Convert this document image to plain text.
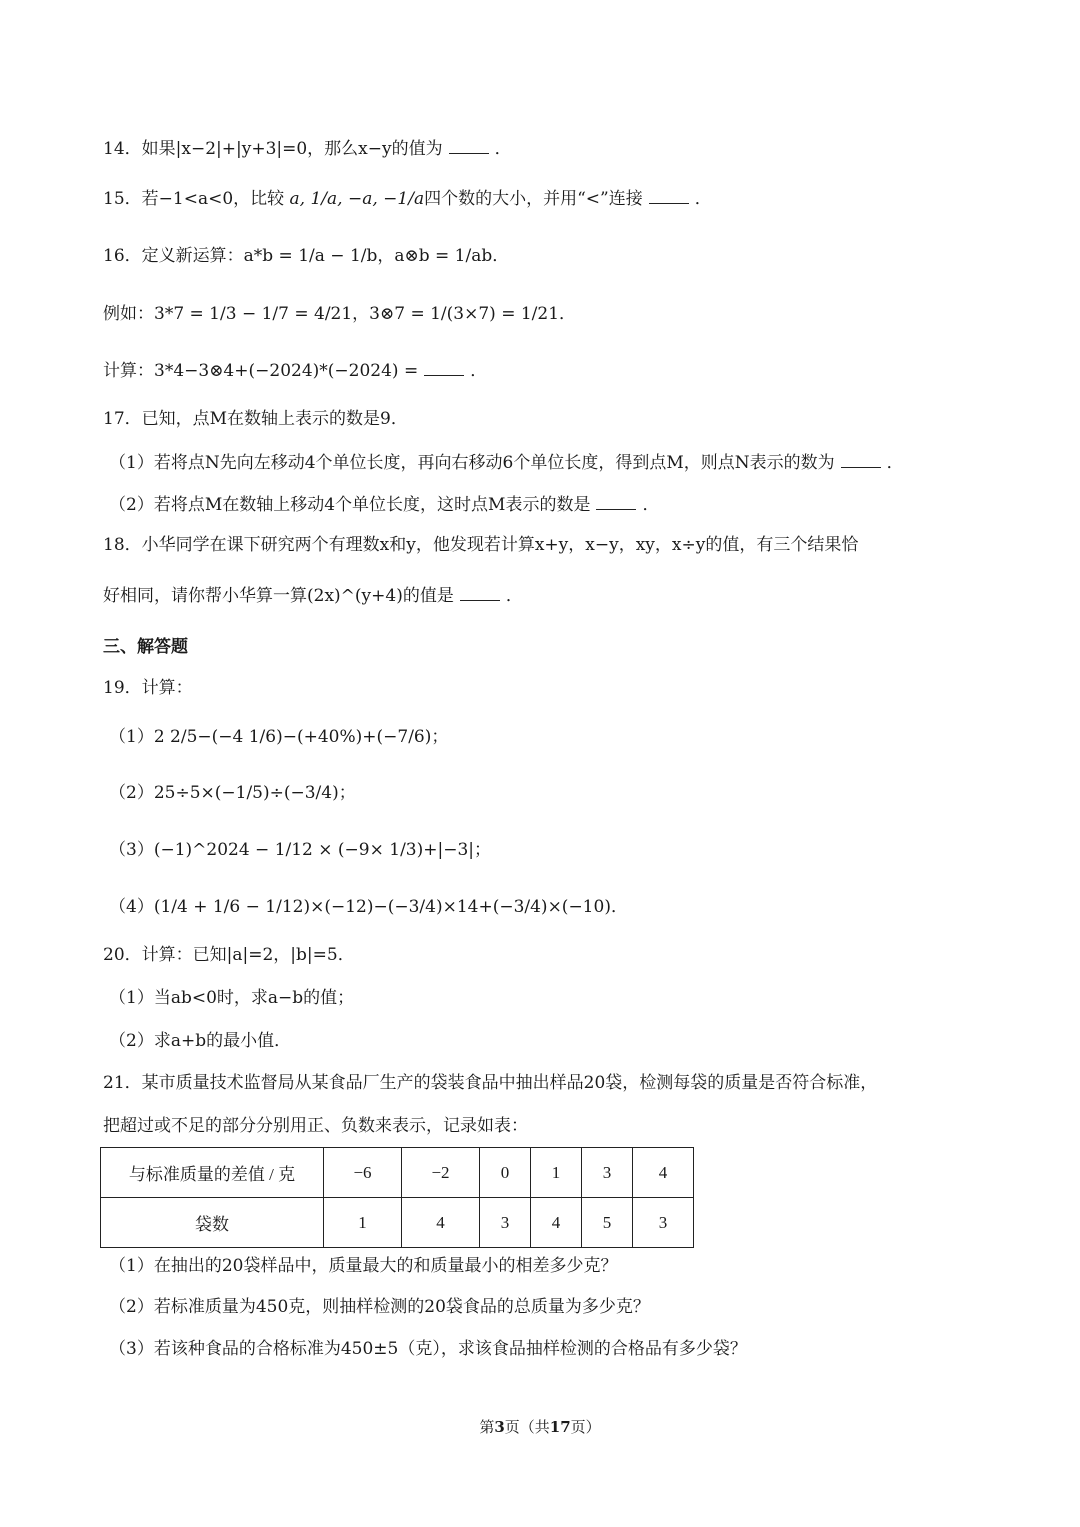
14．如果|x−2|+|y+3|=0，那么x−y的值为	．
15．若−1<a<0，比较 a, 1/a, −a, −1/a四个数的大小，并用“<”连接	．
16．定义新运算：a*b = 1/a − 1/b，a⊗b = 1/ab．
例如：3*7 = 1/3 − 1/7 = 4/21，3⊗7 = 1/(3×7) = 1/21．
计算：3*4−3⊗4+(−2024)*(−2024) =	．
17．已知，点M在数轴上表示的数是9．
（1）若将点N先向左移动4个单位长度，再向右移动6个单位长度，得到点M，则点N表示的数为	．
（2）若将点M在数轴上移动4个单位长度，这时点M表示的数是	．
18．小华同学在课下研究两个有理数x和y，他发现若计算x+y，x−y，xy，x÷y的值，有三个结果恰
好相同，请你帮小华算一算(2x)^(y+4)的值是	．
三、解答题
19．计算：
（1）2 2/5−(−4 1/6)−(+40%)+(−7/6)；
（2）25÷5×(−1/5)÷(−3/4)；
（3）(−1)^2024 − 1/12 × (−9× 1/3)+|−3|；
（4）(1/4 + 1/6 − 1/12)×(−12)−(−3/4)×14+(−3/4)×(−10)．
20．计算：已知|a|=2，|b|=5．
（1）当ab<0时，求a−b的值；
（2）求a+b的最小值．
21．某市质量技术监督局从某食品厂生产的袋装食品中抽出样品20袋，检测每袋的质量是否符合标准，
把超过或不足的部分分别用正、负数来表示，记录如表：
与标准质量的差值 / 克	−6	−2	0	1	3	4
袋数	1	4	3	4	5	3
（1）在抽出的20袋样品中，质量最大的和质量最小的相差多少克？
（2）若标准质量为450克，则抽样检测的20袋食品的总质量为多少克？
（3）若该种食品的合格标准为450±5（克），求该食品抽样检测的合格品有多少袋？
第3页（共17页）
